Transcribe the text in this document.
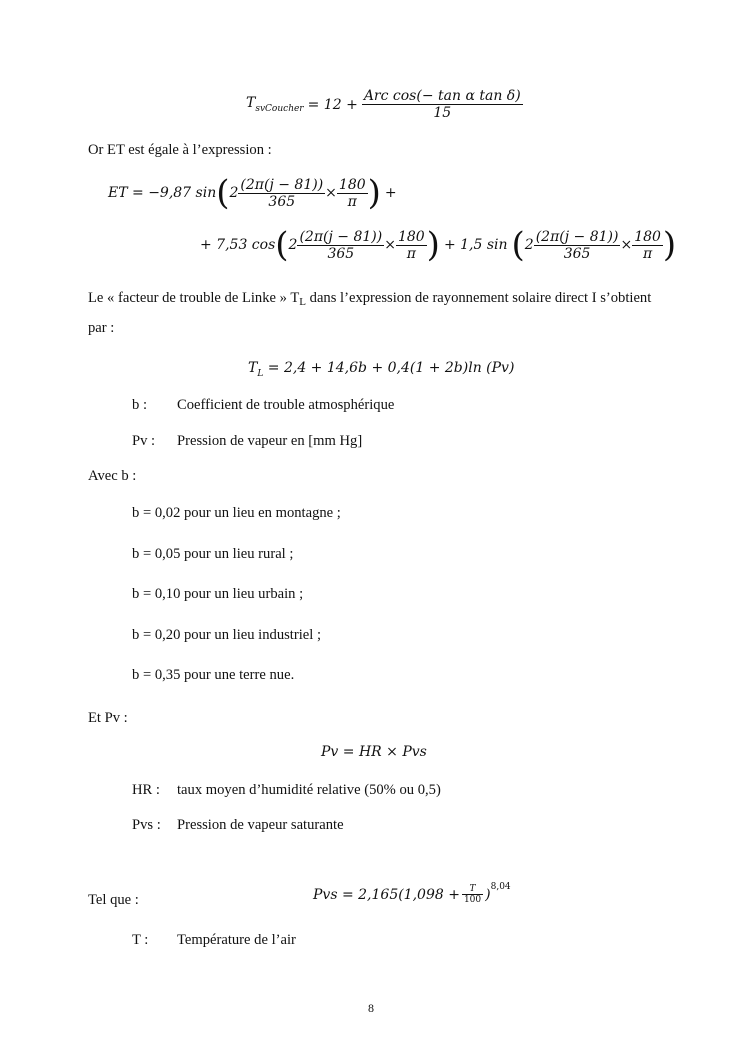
$T_{svCoucher} = 12 + \frac{\text{Arc cos(− tan α tan δ)}}{15}$
Or ET est égale à l’expression :
ET = −9,87 sin ( $2 \frac{(2\pi(j - 81))}{365} \times \frac{180}{\pi}$ ) +
+ 7,53 cos ( $2 \frac{(2\pi(j - 81))}{365} \times \frac{180}{\pi}$ ) + 1,5 sin ( $2 \frac{(2\pi(j - 81))}{365} \times \frac{180}{\pi}$ )
Le « facteur de trouble de Linke » $T_L$ dans l’expression de rayonnement solaire direct I s’obtient
par :
$T_L = 2,4 + 14,6b + 0,4(1 + 2b)\ln$ (Pv)
b : Coefficient de trouble atmosphérique
Pv : Pression de vapeur en [mm Hg]
Avec b :
b = 0,02 pour un lieu en montagne ;
b = 0,05 pour un lieu rural ;
b = 0,10 pour un lieu urbain ;
b = 0,20 pour un lieu industriel ;
b = 0,35 pour une terre nue.
Et Pv :
Pv = HR × Pvs
HR : taux moyen d’humidité relative (50% ou 0,5)
Pvs : Pression de vapeur saturante
Tel que :	Pvs = $2,165(1,098 + \frac{T}{100}$ ) 8,04
T : Température de l’air
8
